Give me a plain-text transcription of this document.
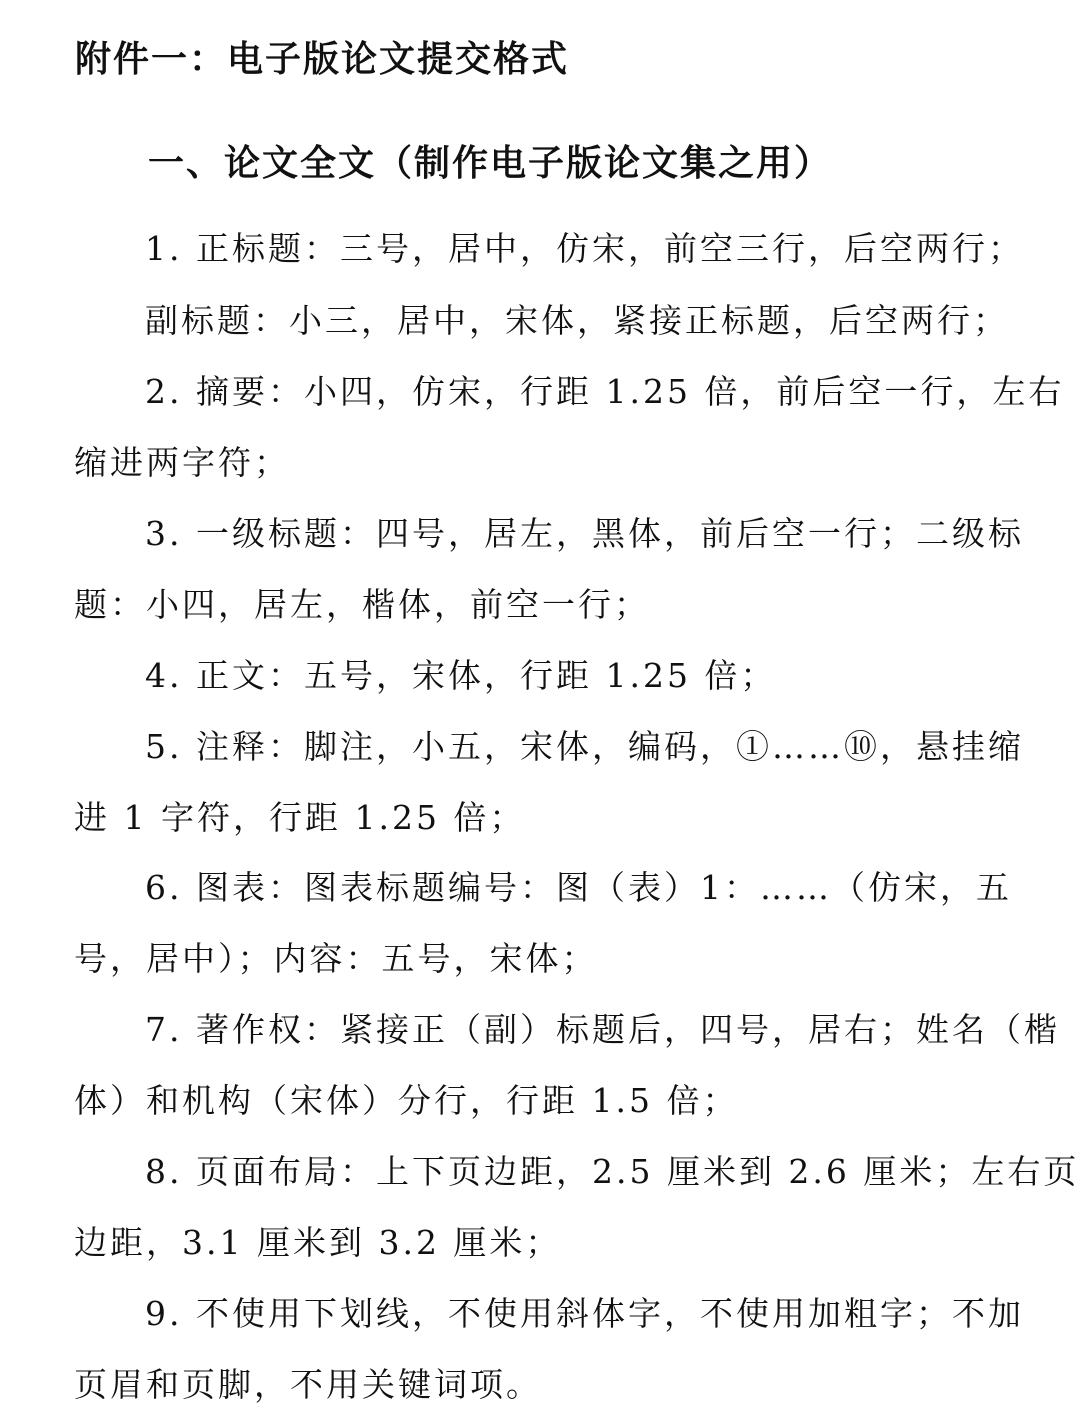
附件一：电子版论文提交格式
一、论文全文（制作电子版论文集之用）
1. 正标题：三号，居中，仿宋，前空三行，后空两行；
副标题：小三，居中，宋体，紧接正标题，后空两行；
2. 摘要：小四，仿宋，行距 1.25 倍，前后空一行，左右
缩进两字符；
3. 一级标题：四号，居左，黑体，前后空一行；二级标
题：小四，居左，楷体，前空一行；
4. 正文：五号，宋体，行距 1.25 倍；
5. 注释：脚注，小五，宋体，编码，①……⑩，悬挂缩
进 1 字符，行距 1.25 倍；
6. 图表：图表标题编号：图（表）1：……（仿宋，五
号，居中）；内容：五号，宋体；
7. 著作权：紧接正（副）标题后，四号，居右；姓名（楷
体）和机构（宋体）分行，行距 1.5 倍；
8. 页面布局：上下页边距，2.5 厘米到 2.6 厘米；左右页
边距，3.1 厘米到 3.2 厘米；
9. 不使用下划线，不使用斜体字，不使用加粗字；不加
页眉和页脚，不用关键词项。
